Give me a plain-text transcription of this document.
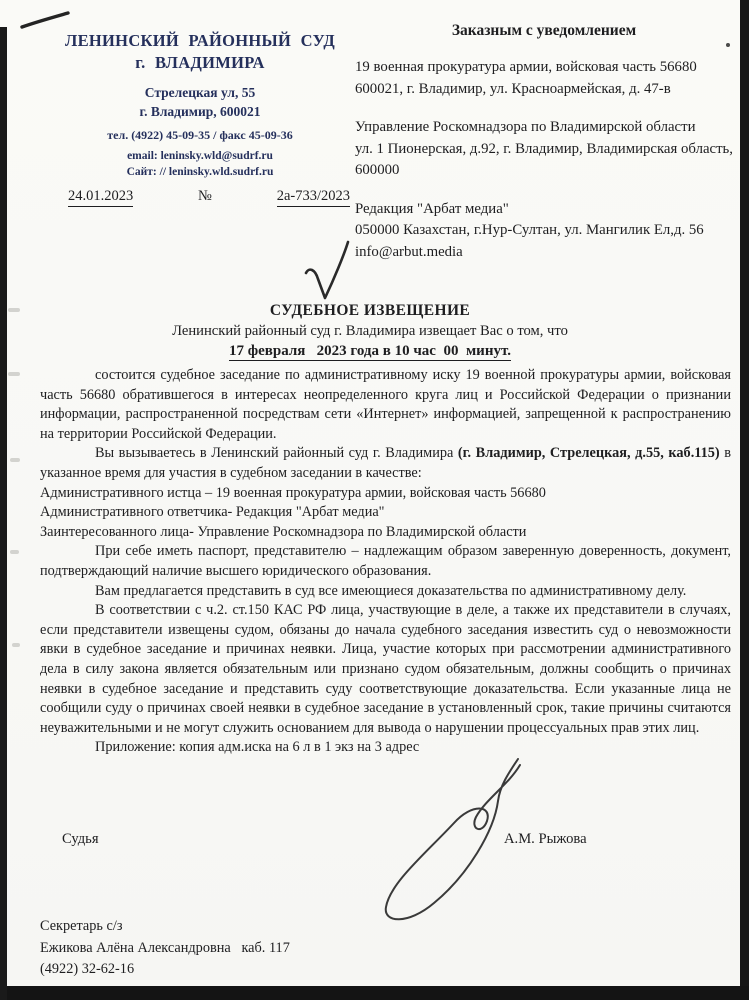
ЛЕНИНСКИЙ РАЙОННЫЙ СУД
г. ВЛАДИМИРА
Стрелецкая ул, 55
г. Владимир, 600021
тел. (4922) 45-09-35 / факс 45-09-36
email: leninsky.wld@sudrf.ru
Сайт: // leninsky.wld.sudrf.ru
24.01.2023	№	2а-733/2023
Заказным с уведомлением
19 военная прокуратура армии, войсковая часть 56680
600021, г. Владимир, ул. Красноармейская, д. 47-в
Управление Роскомнадзора по Владимирской области
ул. 1 Пионерская, д.92, г. Владимир, Владимирская область, 600000
Редакция "Арбат медиа"
050000 Казахстан, г.Нур-Султан, ул. Мангилик Ел,д. 56
info@arbut.media
СУДЕБНОЕ ИЗВЕЩЕНИЕ
Ленинский районный суд г. Владимира извещает Вас о том, что
17 февраля   2023 года в 10 час  00  минут.

состоится судебное заседание по административному иску 19 военной прокуратуры армии, войсковая часть 56680 обратившегося в интересах неопределенного круга лиц и Российской Федерации о признании информации, распространенной посредствам сети «Интернет» информацией, запрещенной к распространению на территории Российской Федерации.

Вы вызываетесь в Ленинский районный суд г. Владимира (г. Владимир, Стрелецкая, д.55, каб.115) в указанное время для участия в судебном заседании в качестве:

Административного истца – 19 военная прокуратура армии, войсковая часть 56680
Административного ответчика- Редакция "Арбат медиа"
Заинтересованного лица- Управление Роскомнадзора по Владимирской области

При себе иметь паспорт, представителю – надлежащим образом заверенную доверенность, документ, подтверждающий наличие высшего юридического образования.

Вам предлагается представить в суд все имеющиеся доказательства по административному делу.

В соответствии с ч.2. ст.150 КАС РФ лица, участвующие в деле, а также их представители в случаях, если представители извещены судом, обязаны до начала судебного заседания известить суд о невозможности явки в судебное заседание и причинах неявки. Лица, участие которых при рассмотрении административного дела в силу закона является обязательным или признано судом обязательным, должны сообщить о причинах неявки в судебное заседание и представить суду соответствующие доказательства. Если указанные лица не сообщили суду о причинах своей неявки в судебное заседание в установленный срок, такие причины считаются неуважительными и не могут служить основанием для вывода о нарушении процессуальных прав этих лиц.

Приложение: копия адм.иска на 6 л в 1 экз на 3 адрес

Судья	А.М. Рыжова
Секретарь с/з
Ежикова Алёна Александровна   каб. 117
(4922) 32-62-16
